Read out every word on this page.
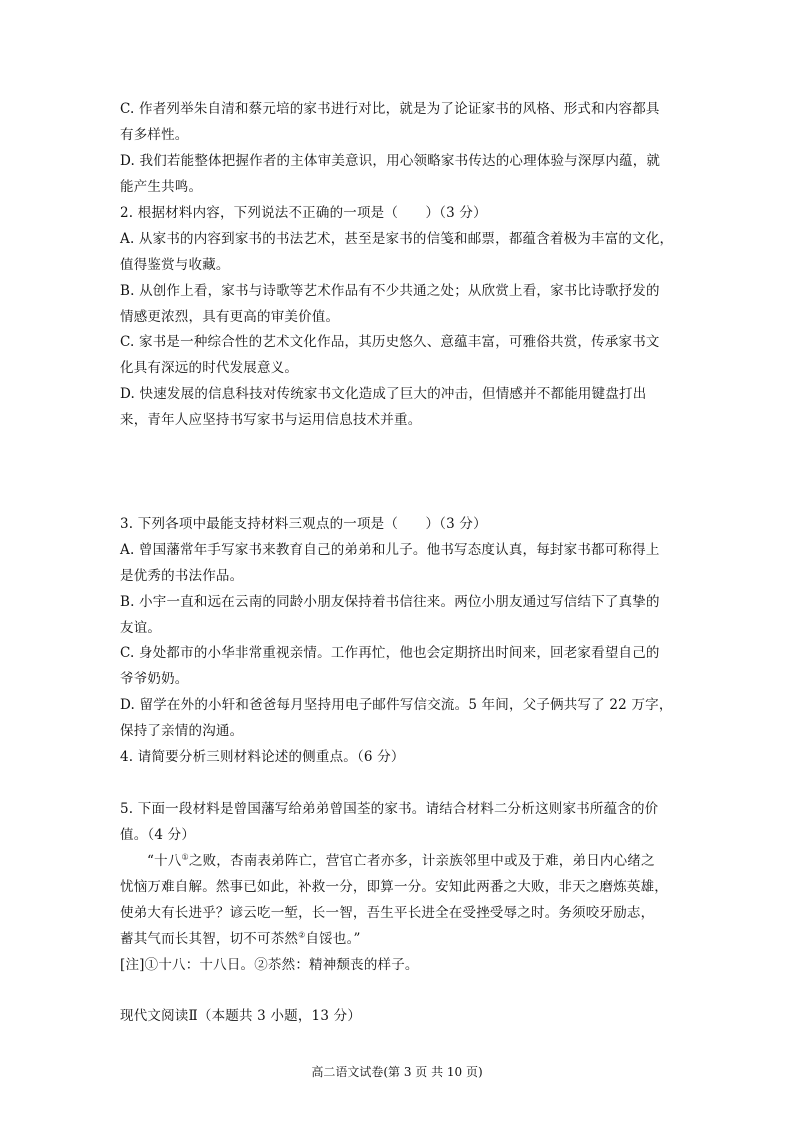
C. 作者列举朱自清和蔡元培的家书进行对比，就是为了论证家书的风格、形式和内容都具
有多样性。
D. 我们若能整体把握作者的主体审美意识，用心领略家书传达的心理体验与深厚内蕴，就
能产生共鸣。
2. 根据材料内容，下列说法不正确的一项是（　　）（3 分）
A. 从家书的内容到家书的书法艺术，甚至是家书的信笺和邮票，都蕴含着极为丰富的文化，
值得鉴赏与收藏。
B. 从创作上看，家书与诗歌等艺术作品有不少共通之处；从欣赏上看，家书比诗歌抒发的
情感更浓烈，具有更高的审美价值。
C. 家书是一种综合性的艺术文化作品，其历史悠久、意蕴丰富，可雅俗共赏，传承家书文
化具有深远的时代发展意义。
D. 快速发展的信息科技对传统家书文化造成了巨大的冲击，但情感并不都能用键盘打出
来，青年人应坚持书写家书与运用信息技术并重。
3. 下列各项中最能支持材料三观点的一项是（　　）（3 分）
A. 曾国藩常年手写家书来教育自己的弟弟和儿子。他书写态度认真，每封家书都可称得上
是优秀的书法作品。
B. 小宇一直和远在云南的同龄小朋友保持着书信往来。两位小朋友通过写信结下了真挚的
友谊。
C. 身处都市的小华非常重视亲情。工作再忙，他也会定期挤出时间来，回老家看望自己的
爷爷奶奶。
D. 留学在外的小轩和爸爸每月坚持用电子邮件写信交流。5 年间，父子俩共写了 22 万字，
保持了亲情的沟通。
4. 请简要分析三则材料论述的侧重点。（6 分）
5. 下面一段材料是曾国藩写给弟弟曾国荃的家书。请结合材料二分析这则家书所蕴含的价
值。（4 分）
“十八①之败，杏南表弟阵亡，营官亡者亦多，计亲族邻里中或及于难，弟日内心绪之
忧恼万难自解。然事已如此，补救一分，即算一分。安知此两番之大败，非天之磨炼英雄，
使弟大有长进乎？谚云吃一堑，长一智，吾生平长进全在受挫受辱之时。务须咬牙励志，
蓄其气而长其智，切不可苶然②自馁也。”
[注]①十八：十八日。②苶然：精神颓丧的样子。
现代文阅读Ⅱ（本题共 3 小题，13 分）
高二语文试卷(第 3 页 共 10 页)
